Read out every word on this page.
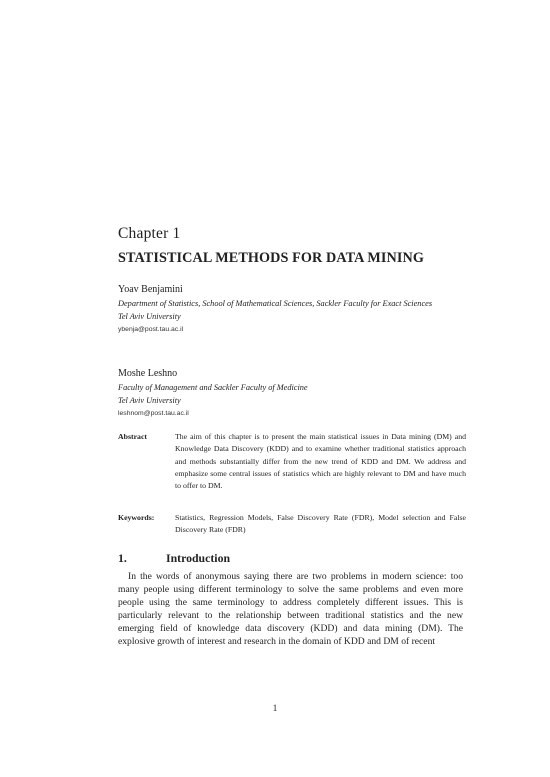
Chapter 1
STATISTICAL METHODS FOR DATA MINING
Yoav Benjamini
Department of Statistics, School of Mathematical Sciences, Sackler Faculty for Exact Sciences
Tel Aviv University
ybenja@post.tau.ac.il
Moshe Leshno
Faculty of Management and Sackler Faculty of Medicine
Tel Aviv University
leshnom@post.tau.ac.il
Abstract	The aim of this chapter is to present the main statistical issues in Data mining (DM) and Knowledge Data Discovery (KDD) and to examine whether traditional statistics approach and methods substantially differ from the new trend of KDD and DM. We address and emphasize some central issues of statistics which are highly relevant to DM and have much to offer to DM.
Keywords:	Statistics, Regression Models, False Discovery Rate (FDR), Model selection and False Discovery Rate (FDR)
1.	Introduction
In the words of anonymous saying there are two problems in modern science: too many people using different terminology to solve the same problems and even more people using the same terminology to address completely different issues. This is particularly relevant to the relationship between traditional statistics and the new emerging field of knowledge data discovery (KDD) and data mining (DM). The explosive growth of interest and research in the domain of KDD and DM of recent
1
